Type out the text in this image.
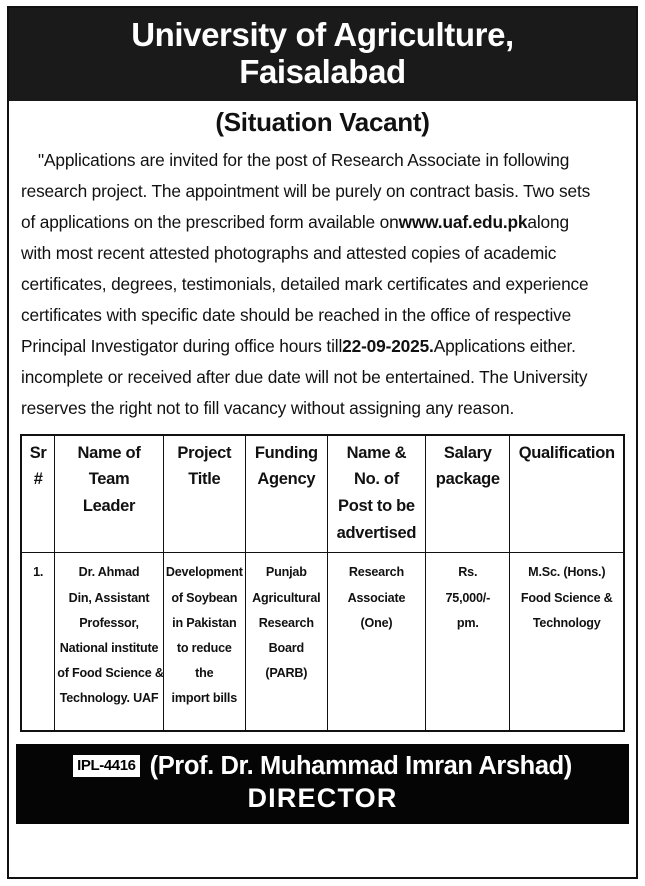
University of Agriculture,
Faisalabad
(Situation Vacant)
"Applications are invited for the post of Research Associate in following
research project. The appointment will be purely on contract basis. Two sets
of applications on the prescribed form available on www.uaf.edu.pk along
with most recent attested photographs and attested copies of academic
certificates, degrees, testimonials, detailed mark certificates and experience
certificates with specific date should be reached in the office of respective
Principal Investigator during office hours till 22-09-2025. Applications either.
incomplete or received after due date will not be entertained. The University
reserves the right not to fill vacancy without assigning any reason.
Sr
#	Name of
Team
Leader	Project
Title	Funding
Agency	Name &
No. of
Post to be
advertised	Salary
package	Qualification

1.	Dr. Ahmad
Din, Assistant
Professor,
National institute
of Food Science &
Technology. UAF

Development
of Soybean
in Pakistan
to reduce
the
import bills

Punjab
Agricultural
Research
Board
(PARB)

Research
Associate
(One)

Rs.
75,000/-
pm.

M.Sc. (Hons.)
Food Science &
Technology
IPL-4416 (Prof. Dr. Muhammad Imran Arshad)
DIRECTOR
